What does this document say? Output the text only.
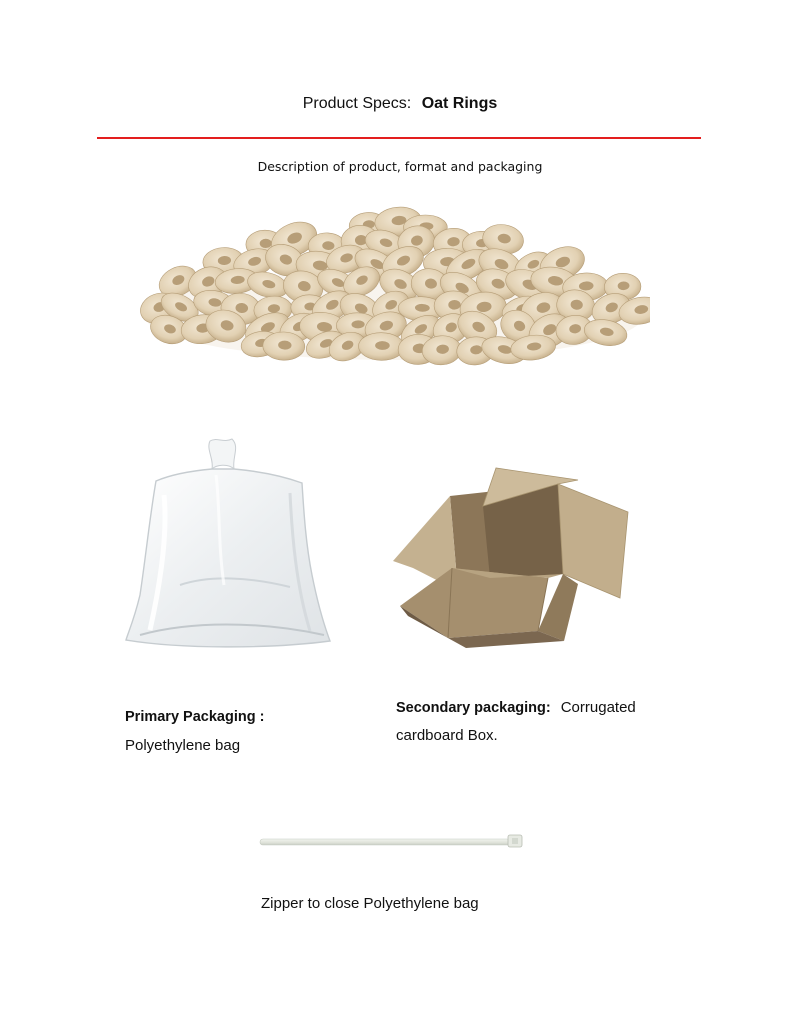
Product Specs: Oat Rings
Description of product, format and packaging
Primary Packaging :
Polyethylene bag
Secondary packaging: Corrugated cardboard Box.
Zipper to close Polyethylene bag
